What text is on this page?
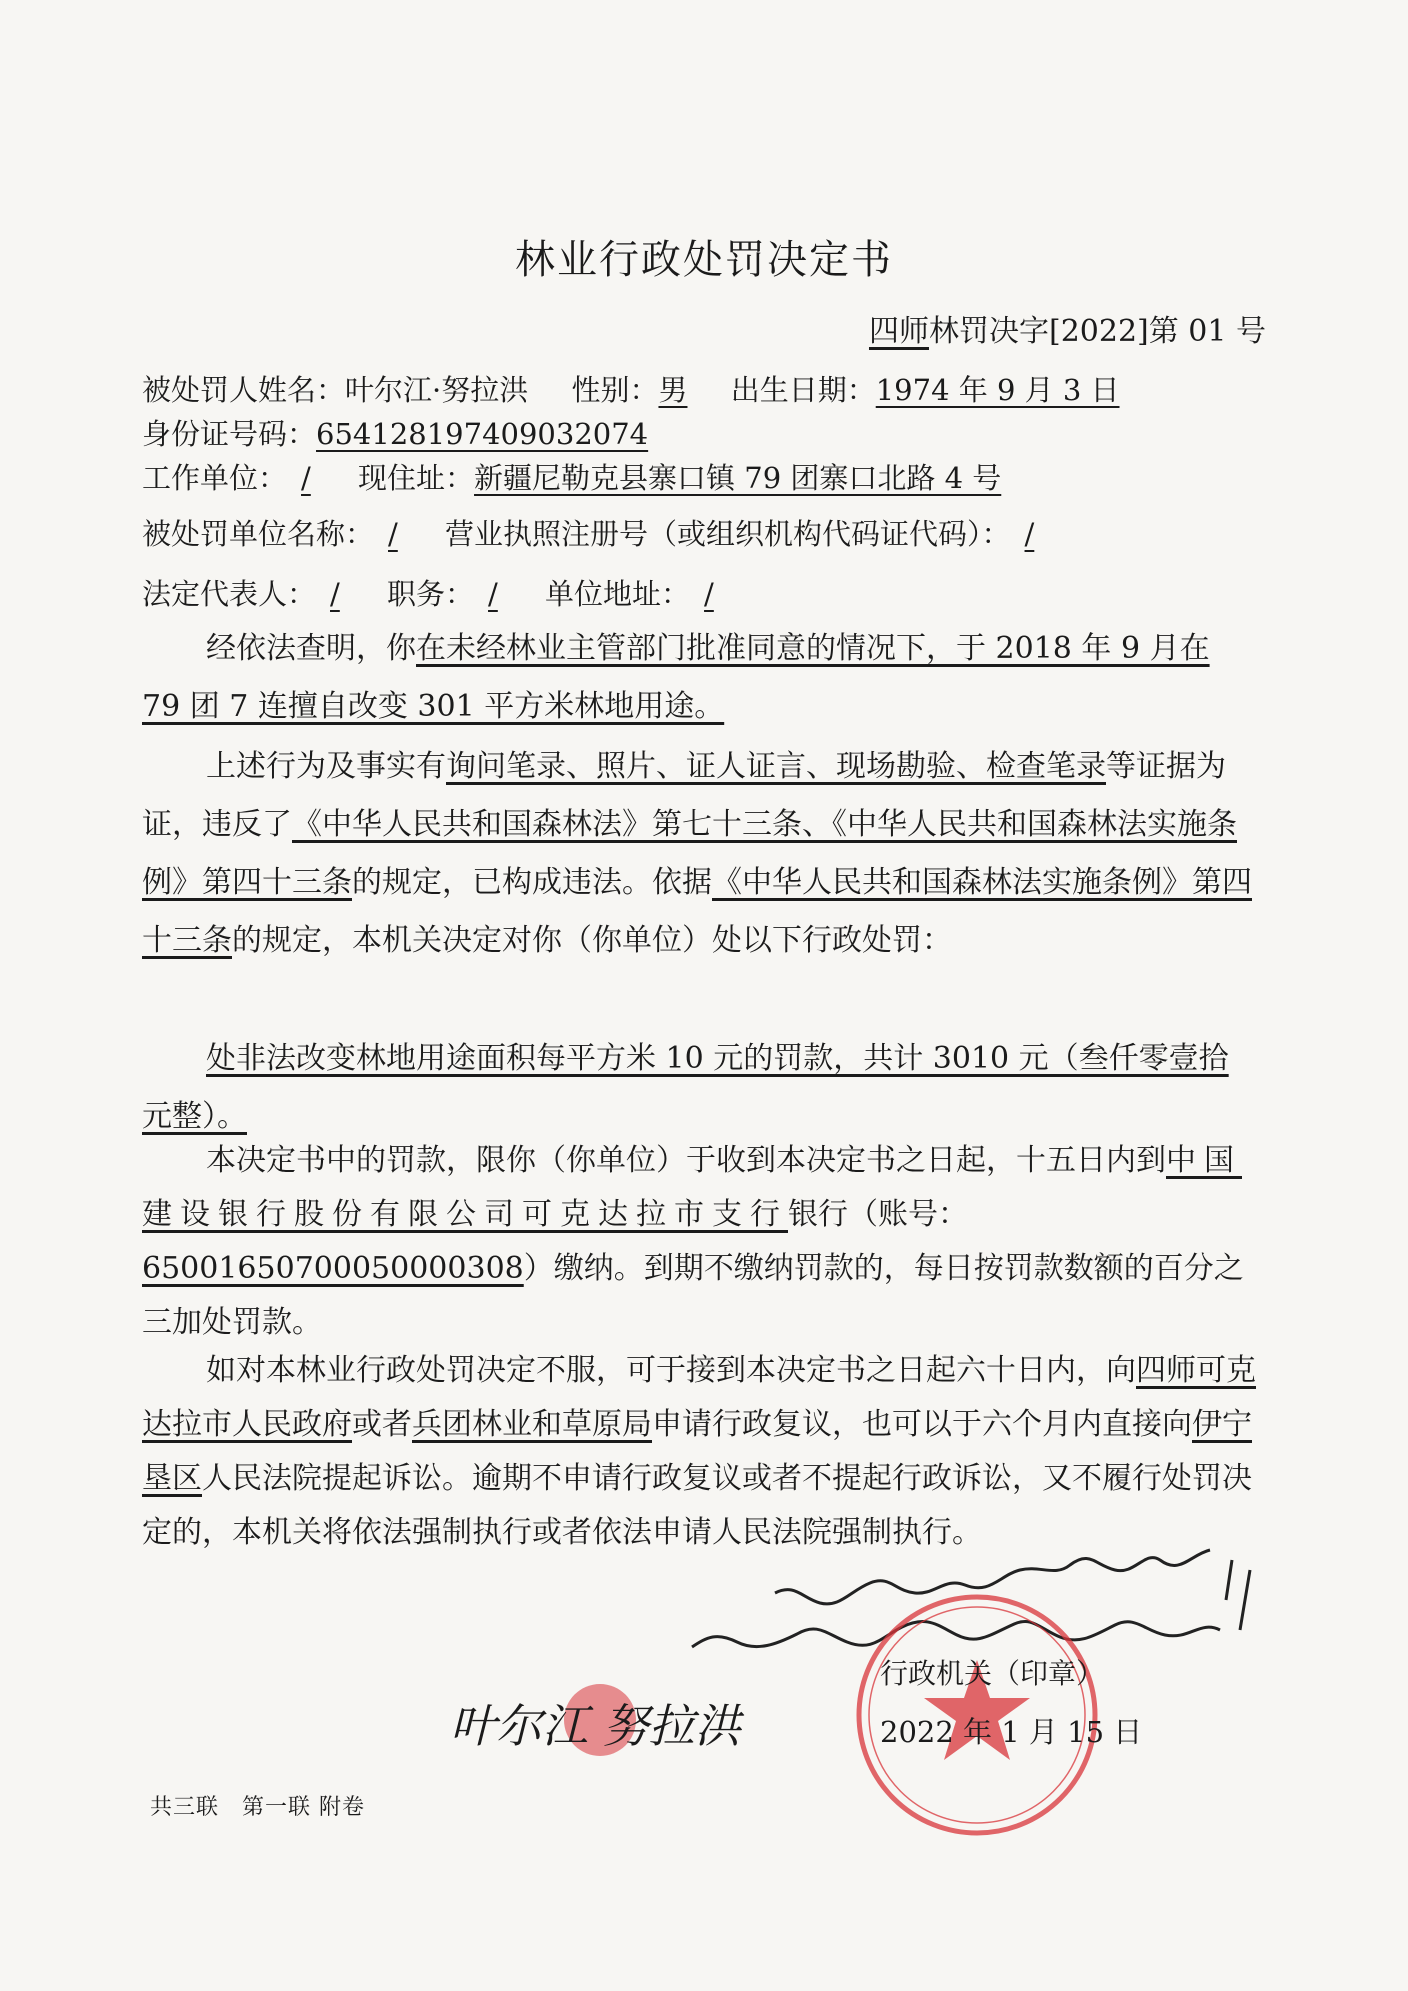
林业行政处罚决定书
四师林罚决字[2022]第 01 号
被处罚人姓名：叶尔江·努拉洪 性别：男 出生日期：1974 年 9 月 3 日
身份证号码：654128197409032074
工作单位： / 现住址：新疆尼勒克县寨口镇 79 团寨口北路 4 号
被处罚单位名称： / 营业执照注册号（或组织机构代码证代码）： /
法定代表人： / 职务： / 单位地址： /
经依法查明，你在未经林业主管部门批准同意的情况下，于 2018 年 9 月在 79 团 7 连擅自改变 301 平方米林地用途。
上述行为及事实有询问笔录、照片、证人证言、现场勘验、检查笔录等证据为证，违反了《中华人民共和国森林法》第七十三条、《中华人民共和国森林法实施条例》第四十三条的规定，已构成违法。依据《中华人民共和国森林法实施条例》第四十三条的规定，本机关决定对你（你单位）处以下行政处罚：
处非法改变林地用途面积每平方米 10 元的罚款，共计 3010 元（叁仟零壹拾元整）。
本决定书中的罚款，限你（你单位）于收到本决定书之日起，十五日内到中国建设银行股份有限公司可克达拉市支行银行（账号：65001650700050000308）缴纳。到期不缴纳罚款的，每日按罚款数额的百分之三加处罚款。
如对本林业行政处罚决定不服，可于接到本决定书之日起六十日内，向四师可克达拉市人民政府或者兵团林业和草原局申请行政复议，也可以于六个月内直接向伊宁垦区人民法院提起诉讼。逾期不申请行政复议或者不提起行政诉讼，又不履行处罚决定的，本机关将依法强制执行或者依法申请人民法院强制执行。
行政机关（印章）
2022 年 1 月 15 日
叶尔江 努拉洪
共三联　第一联 附卷
